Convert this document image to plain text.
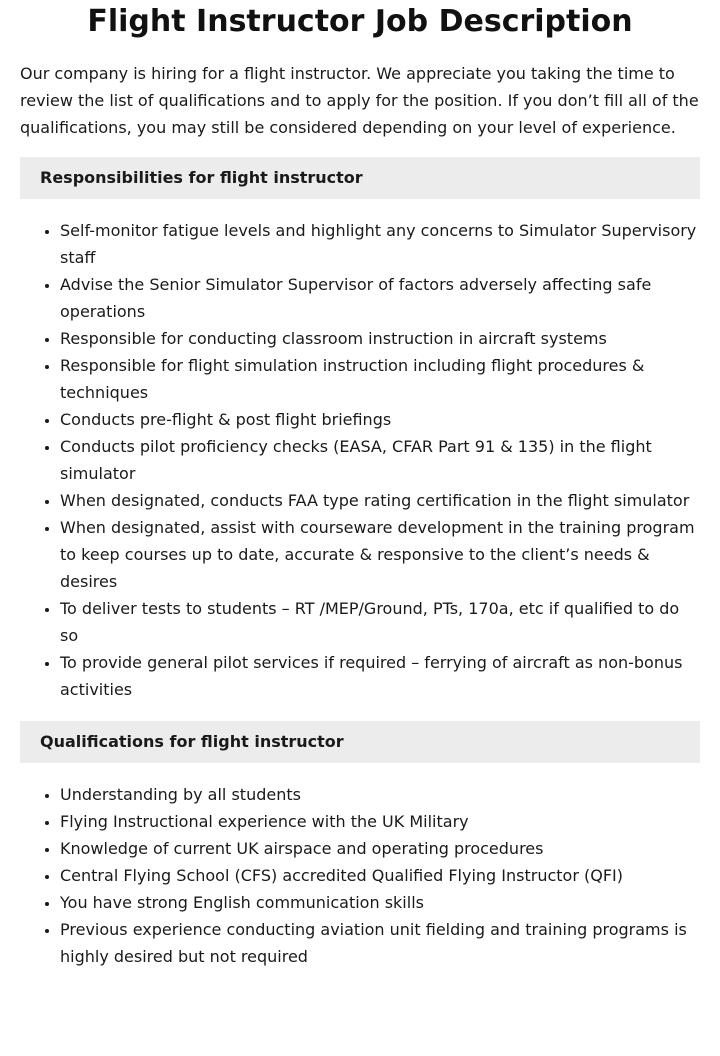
Flight Instructor Job Description

Our company is hiring for a flight instructor. We appreciate you taking the time to review the list of qualifications and to apply for the position. If you don’t fill all of the qualifications, you may still be considered depending on your level of experience.

Responsibilities for flight instructor
• Self-monitor fatigue levels and highlight any concerns to Simulator Supervisory staff
• Advise the Senior Simulator Supervisor of factors adversely affecting safe operations
• Responsible for conducting classroom instruction in aircraft systems
• Responsible for flight simulation instruction including flight procedures & techniques
• Conducts pre-flight & post flight briefings
• Conducts pilot proficiency checks (EASA, CFAR Part 91 & 135) in the flight simulator
• When designated, conducts FAA type rating certification in the flight simulator
• When designated, assist with courseware development in the training program to keep courses up to date, accurate & responsive to the client’s needs & desires
• To deliver tests to students – RT /MEP/Ground, PTs, 170a, etc if qualified to do so
• To provide general pilot services if required – ferrying of aircraft as non-bonus activities
Qualifications for flight instructor
• Understanding by all students
• Flying Instructional experience with the UK Military
• Knowledge of current UK airspace and operating procedures
• Central Flying School (CFS) accredited Qualified Flying Instructor (QFI)
• You have strong English communication skills
• Previous experience conducting aviation unit fielding and training programs is highly desired but not required
